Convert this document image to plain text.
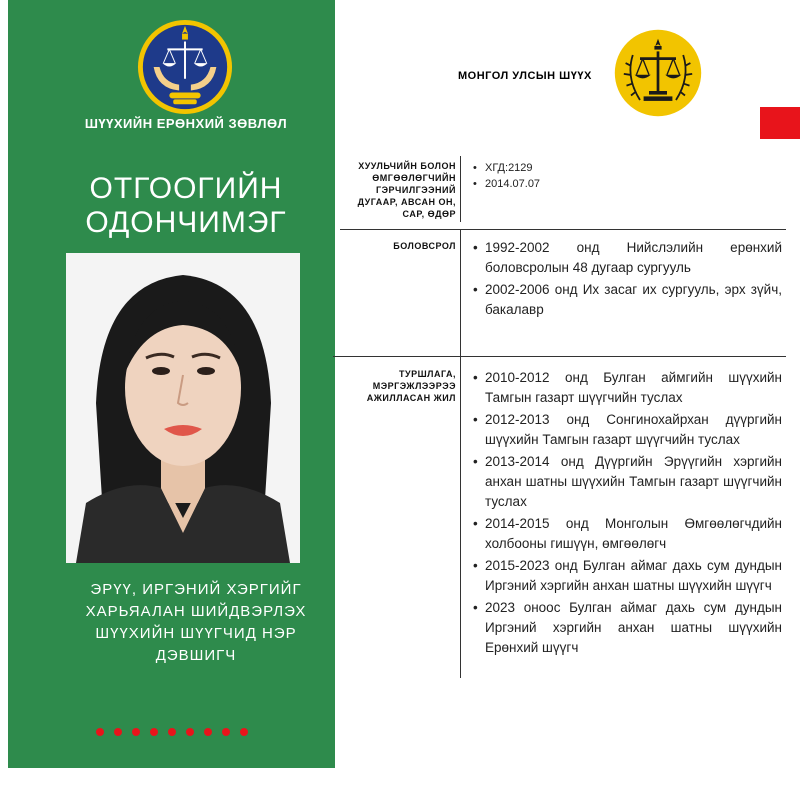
ШҮҮХИЙН ЕРӨНХИЙ ЗӨВЛӨЛ
ОТГООГИЙН ОДОНЧИМЭГ
ЭРҮҮ, ИРГЭНИЙ ХЭРГИЙГ ХАРЬЯАЛАН ШИЙДВЭРЛЭХ ШҮҮХИЙН ШҮҮГЧИД НЭР ДЭВШИГЧ
МОНГОЛ УЛСЫН ШҮҮХ
ХУУЛЬЧИЙН БОЛОН ӨМГӨӨЛӨГЧИЙН ГЭРЧИЛГЭЭНИЙ ДУГААР, АВСАН ОН, САР, ӨДӨР
• ХГД:2129
• 2014.07.07
БОЛОВСРОЛ
•	1992-2002 онд Нийслэлийн ерөнхий боловсролын 48 дугаар сургууль
• 2002-2006 онд Их засаг их сургууль, эрх зүйч, бакалавр
ТУРШЛАГА, МЭРГЭЖЛЭЭРЭЭ АЖИЛЛАСАН ЖИЛ
• 2010-2012 онд Булган аймгийн шүүхийн Тамгын газарт шүүгчийн туслах
• 2012-2013 онд Сонгинохайрхан дүүргийн шүүхийн Тамгын газарт шүүгчийн туслах
• 2013-2014 онд Дүүргийн Эрүүгийн хэргийн анхан шатны шүүхийн Тамгын газарт шүүгчийн туслах
• 2014-2015 онд Монголын Өмгөөлөгчдийн холбооны гишүүн, өмгөөлөгч
• 2015-2023 онд Булган аймаг дахь сум дундын Иргэний хэргийн анхан шатны шүүхийн шүүгч
• 2023 оноос Булган аймаг дахь сум дундын Иргэний хэргийн анхан шатны шүүхийн Ерөнхий шүүгч
